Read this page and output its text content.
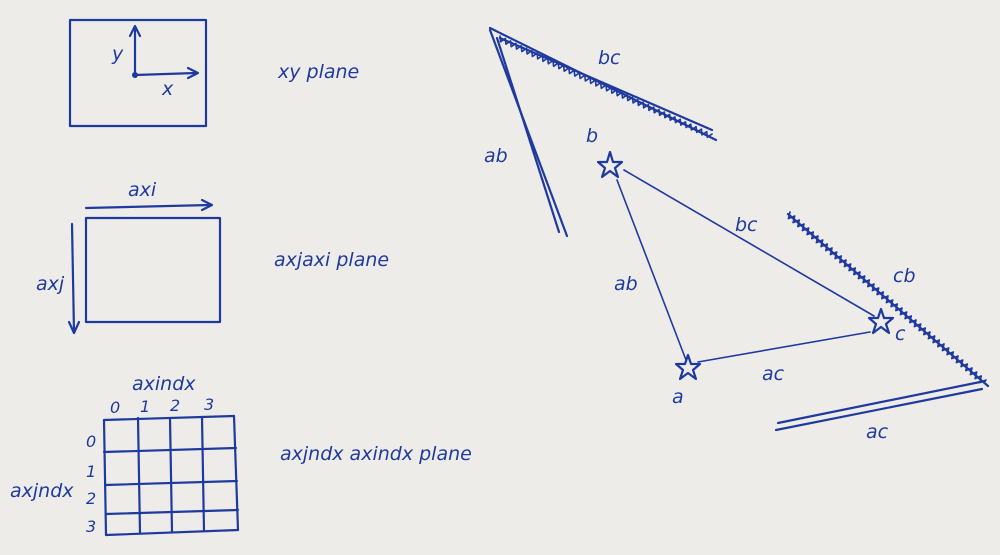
y
x
xy plane
axi
axj
axjaxi plane
axindx
0 1 2 3
0
1
2
3
axjndx
axjndx axindx plane
b
a
c
ab
bc
ac
bc
ab
cb
ac
